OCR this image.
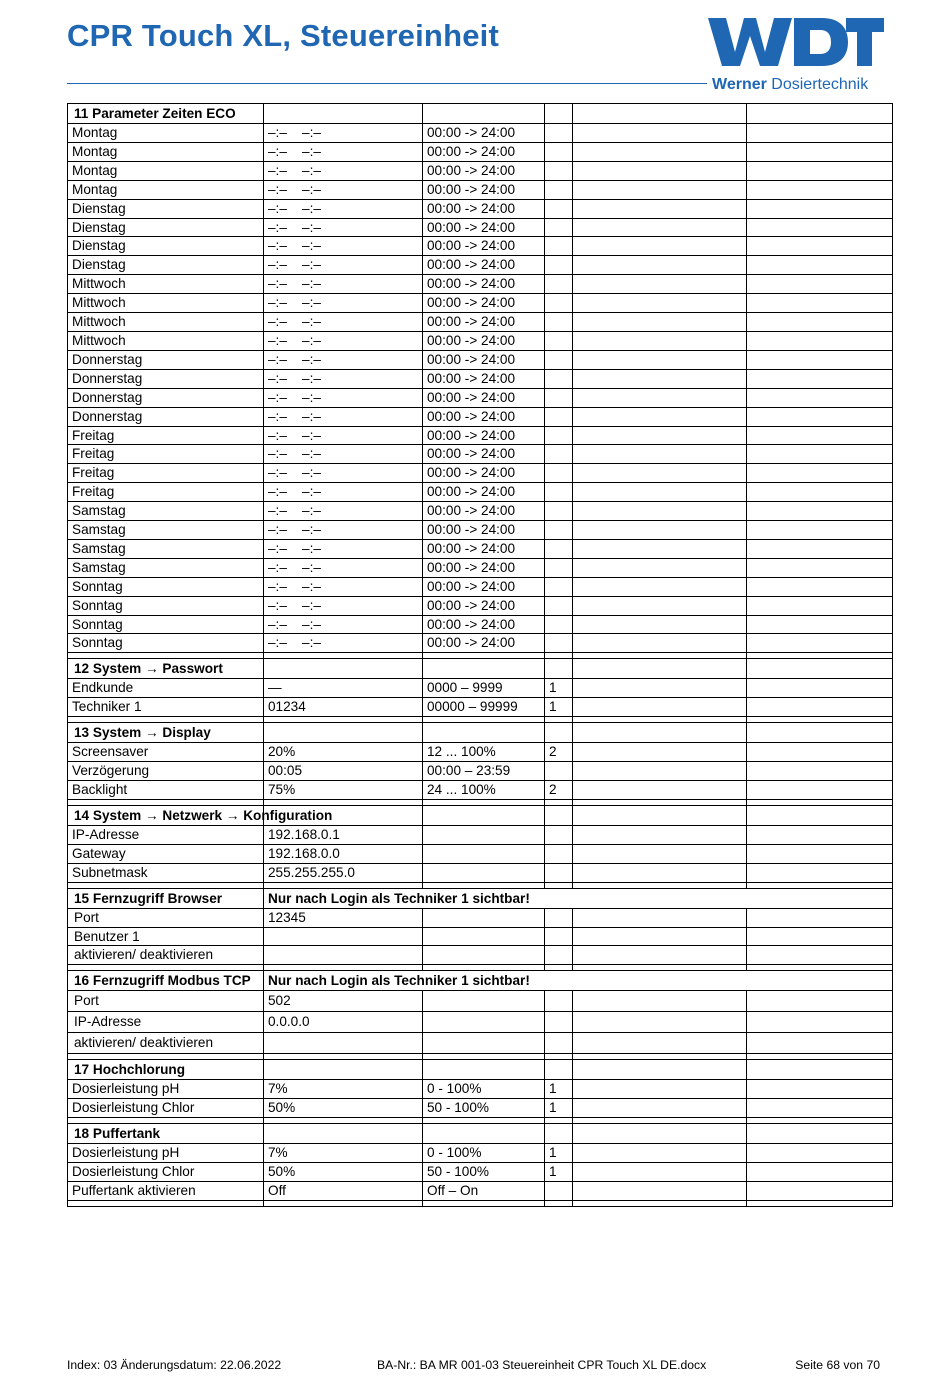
CPR Touch XL, Steuereinheit
Werner Dosiertechnik
11 Parameter Zeiten ECO					
Montag	–:–    –:–	00:00 -> 24:00			
Montag	–:–    –:–	00:00 -> 24:00			
Montag	–:–    –:–	00:00 -> 24:00			
Montag	–:–    –:–	00:00 -> 24:00			
Dienstag	–:–    –:–	00:00 -> 24:00			
Dienstag	–:–    –:–	00:00 -> 24:00			
Dienstag	–:–    –:–	00:00 -> 24:00			
Dienstag	–:–    –:–	00:00 -> 24:00			
Mittwoch	–:–    –:–	00:00 -> 24:00			
Mittwoch	–:–    –:–	00:00 -> 24:00			
Mittwoch	–:–    –:–	00:00 -> 24:00			
Mittwoch	–:–    –:–	00:00 -> 24:00			
Donnerstag	–:–    –:–	00:00 -> 24:00			
Donnerstag	–:–    –:–	00:00 -> 24:00			
Donnerstag	–:–    –:–	00:00 -> 24:00			
Donnerstag	–:–    –:–	00:00 -> 24:00			
Freitag	–:–    –:–	00:00 -> 24:00			
Freitag	–:–    –:–	00:00 -> 24:00			
Freitag	–:–    –:–	00:00 -> 24:00			
Freitag	–:–    –:–	00:00 -> 24:00			
Samstag	–:–    –:–	00:00 -> 24:00			
Samstag	–:–    –:–	00:00 -> 24:00			
Samstag	–:–    –:–	00:00 -> 24:00			
Samstag	–:–    –:–	00:00 -> 24:00			
Sonntag	–:–    –:–	00:00 -> 24:00			
Sonntag	–:–    –:–	00:00 -> 24:00			
Sonntag	–:–    –:–	00:00 -> 24:00			
Sonntag	–:–    –:–	00:00 -> 24:00			

12 System → Passwort					
Endkunde	—	0000 – 9999	1		
Techniker 1	01234	00000 – 99999	1		

13 System → Display					
Screensaver	20%	12 ... 100%	2		
Verzögerung	00:05	00:00 – 23:59			
Backlight	75%	24 ... 100%	2		

14 System → Netzwerk → Konfiguration					
IP-Adresse	192.168.0.1				
Gateway	192.168.0.0				
Subnetmask	255.255.255.0				

15 Fernzugriff Browser	Nur nach Login als Techniker 1 sichtbar!				
Port	12345				
Benutzer 1					
aktivieren/ deaktivieren					

16 Fernzugriff Modbus TCP	Nur nach Login als Techniker 1 sichtbar!				
Port	502				
IP-Adresse	0.0.0.0				
aktivieren/ deaktivieren					

17 Hochchlorung					
Dosierleistung pH	7%	0 - 100%	1		
Dosierleistung Chlor	50%	50 - 100%	1		

18 Puffertank					
Dosierleistung pH	7%	0 - 100%	1		
Dosierleistung Chlor	50%	50 - 100%	1		
Puffertank aktivieren	Off	Off – On			

Index: 03 Änderungsdatum: 22.06.2022	BA-Nr.: BA MR 001-03 Steuereinheit CPR Touch XL DE.docx	Seite 68 von 70
